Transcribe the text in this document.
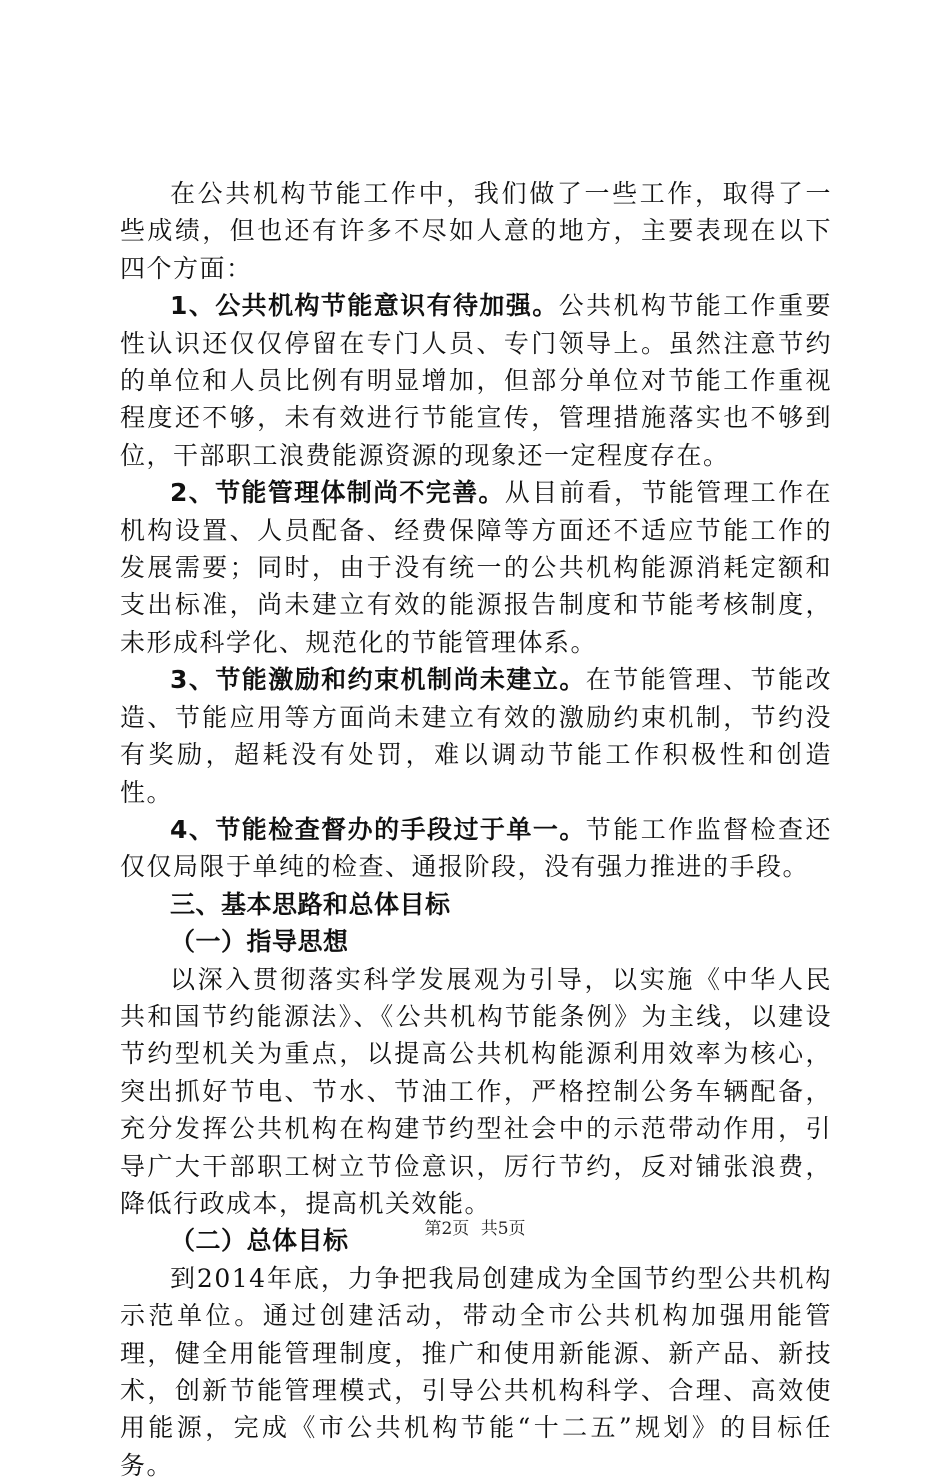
在公共机构节能工作中，我们做了一些工作，取得了一些成绩，但也还有许多不尽如人意的地方，主要表现在以下四个方面：

1、公共机构节能意识有待加强。公共机构节能工作重要性认识还仅仅停留在专门人员、专门领导上。虽然注意节约的单位和人员比例有明显增加，但部分单位对节能工作重视程度还不够，未有效进行节能宣传，管理措施落实也不够到位，干部职工浪费能源资源的现象还一定程度存在。

2、节能管理体制尚不完善。从目前看，节能管理工作在机构设置、人员配备、经费保障等方面还不适应节能工作的发展需要；同时，由于没有统一的公共机构能源消耗定额和支出标准，尚未建立有效的能源报告制度和节能考核制度，未形成科学化、规范化的节能管理体系。

3、节能激励和约束机制尚未建立。在节能管理、节能改造、节能应用等方面尚未建立有效的激励约束机制，节约没有奖励，超耗没有处罚，难以调动节能工作积极性和创造性。

4、节能检查督办的手段过于单一。节能工作监督检查还仅仅局限于单纯的检查、通报阶段，没有强力推进的手段。

三、基本思路和总体目标

（一）指导思想

以深入贯彻落实科学发展观为引导，以实施《中华人民共和国节约能源法》、《公共机构节能条例》为主线，以建设节约型机关为重点，以提高公共机构能源利用效率为核心，突出抓好节电、节水、节油工作，严格控制公务车辆配备，充分发挥公共机构在构建节约型社会中的示范带动作用，引导广大干部职工树立节俭意识，厉行节约，反对铺张浪费，降低行政成本，提高机关效能。

（二）总体目标

到2014年底，力争把我局创建成为全国节约型公共机构示范单位。通过创建活动，带动全市公共机构加强用能管理，健全用能管理制度，推广和使用新能源、新产品、新技术，创新节能管理模式，引导公共机构科学、合理、高效使用能源，完成《市公共机构节能“十二五”规划》的目标任务。

第2页 共5页
